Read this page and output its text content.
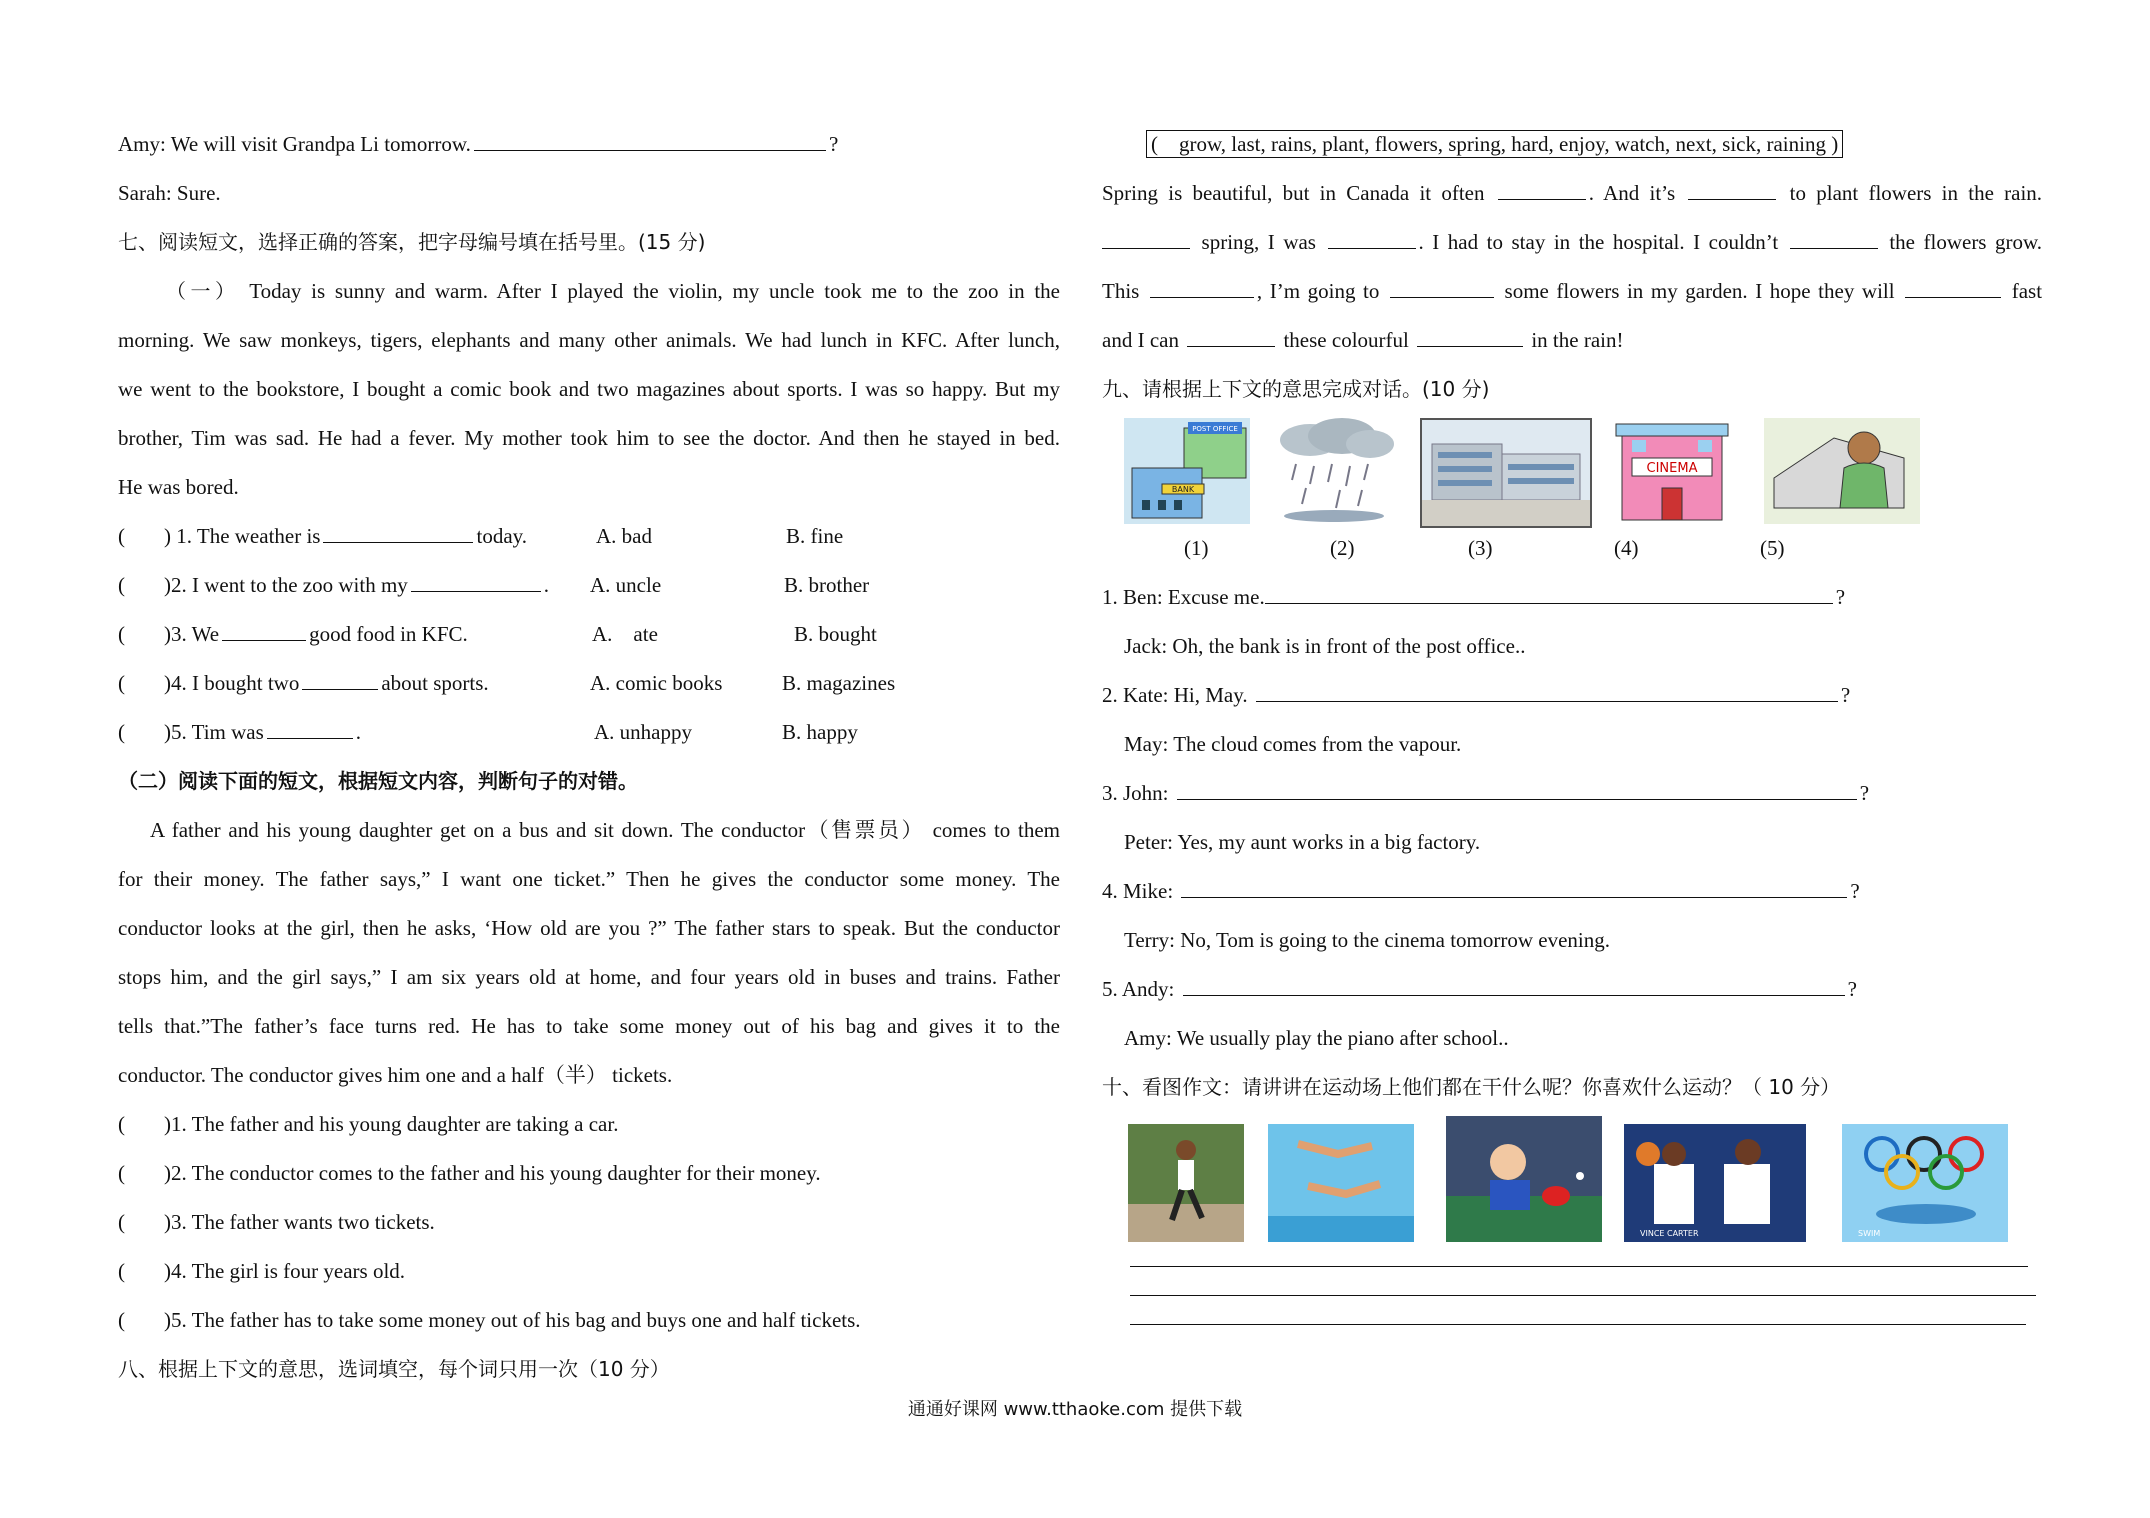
Amy: We will visit Grandpa Li tomorrow.	?
Sarah: Sure.
七、阅读短文，选择正确的答案，把字母编号填在括号里。(15 分)
（一） Today is sunny and warm. After I played the violin, my uncle took me to the zoo in the
morning. We saw monkeys, tigers, elephants and many other animals. We had lunch in KFC. After lunch,
we went to the bookstore, I bought a comic book and two magazines about sports. I was so happy. But my
brother, Tim was sad. He had a fever. My mother took him to see the doctor. And then he stayed in bed.
He was bored.
( ) 1. The weather is	today.	A. bad	B. fine
( )2. I went to the zoo with my	. A. uncle	B. brother
( )3. We	good food in KFC.	A.    ate	B. bought
( )4. I bought two	about sports.	A. comic books	B. magazines
( )5. Tim was	.	A. unhappy	B. happy
（二）阅读下面的短文，根据短文内容，判断句子的对错。
A father and his young daughter get on a bus and sit down. The conductor（售票员） comes to them
for their money. The father says,” I want one ticket.” Then he gives the conductor some money. The
conductor looks at the girl, then he asks, ‘How old are you ?” The father stars to speak. But the conductor
stops him, and the girl says,” I am six years old at home, and four years old in buses and trains. Father
tells that.”The father’s face turns red. He has to take some money out of his bag and gives it to the
conductor. The conductor gives him one and a half（半） tickets.
( )1. The father and his young daughter are taking a car.
( )2. The conductor comes to the father and his young daughter for their money.
( )3. The father wants two tickets.
( )4. The girl is four years old.
( )5. The father has to take some money out of his bag and buys one and half tickets.
八、根据上下文的意思，选词填空，每个词只用一次（10 分）
(    grow, last, rains, plant, flowers, spring, hard, enjoy, watch, next, sick, raining )
Spring is beautiful, but in Canada it often	. And it’s	to plant flowers in the rain.
spring, I was	. I had to stay in the hospital. I couldn’t	the flowers grow.
This	, I’m going to	some flowers in my garden. I hope they will	fast
and I can	these colourful	in the rain!
九、请根据上下文的意思完成对话。(10 分)
POST OFFICE
BANK
CINEMA
(1)	(2)	(3)	(4)	(5)
1. Ben: Excuse me.	?
Jack: Oh, the bank is in front of the post office..
2. Kate: Hi, May.	?
May: The cloud comes from the vapour.
3. John:	?
Peter: Yes, my aunt works in a big factory.
4. Mike:	?
Terry: No, Tom is going to the cinema tomorrow evening.
5. Andy:	?
Amy: We usually play the piano after school..
十、看图作文：请讲讲在运动场上他们都在干什么呢？你喜欢什么运动？（ 10 分）
VINCE CARTER	SWIM
通通好课网 www.tthaoke.com 提供下载
